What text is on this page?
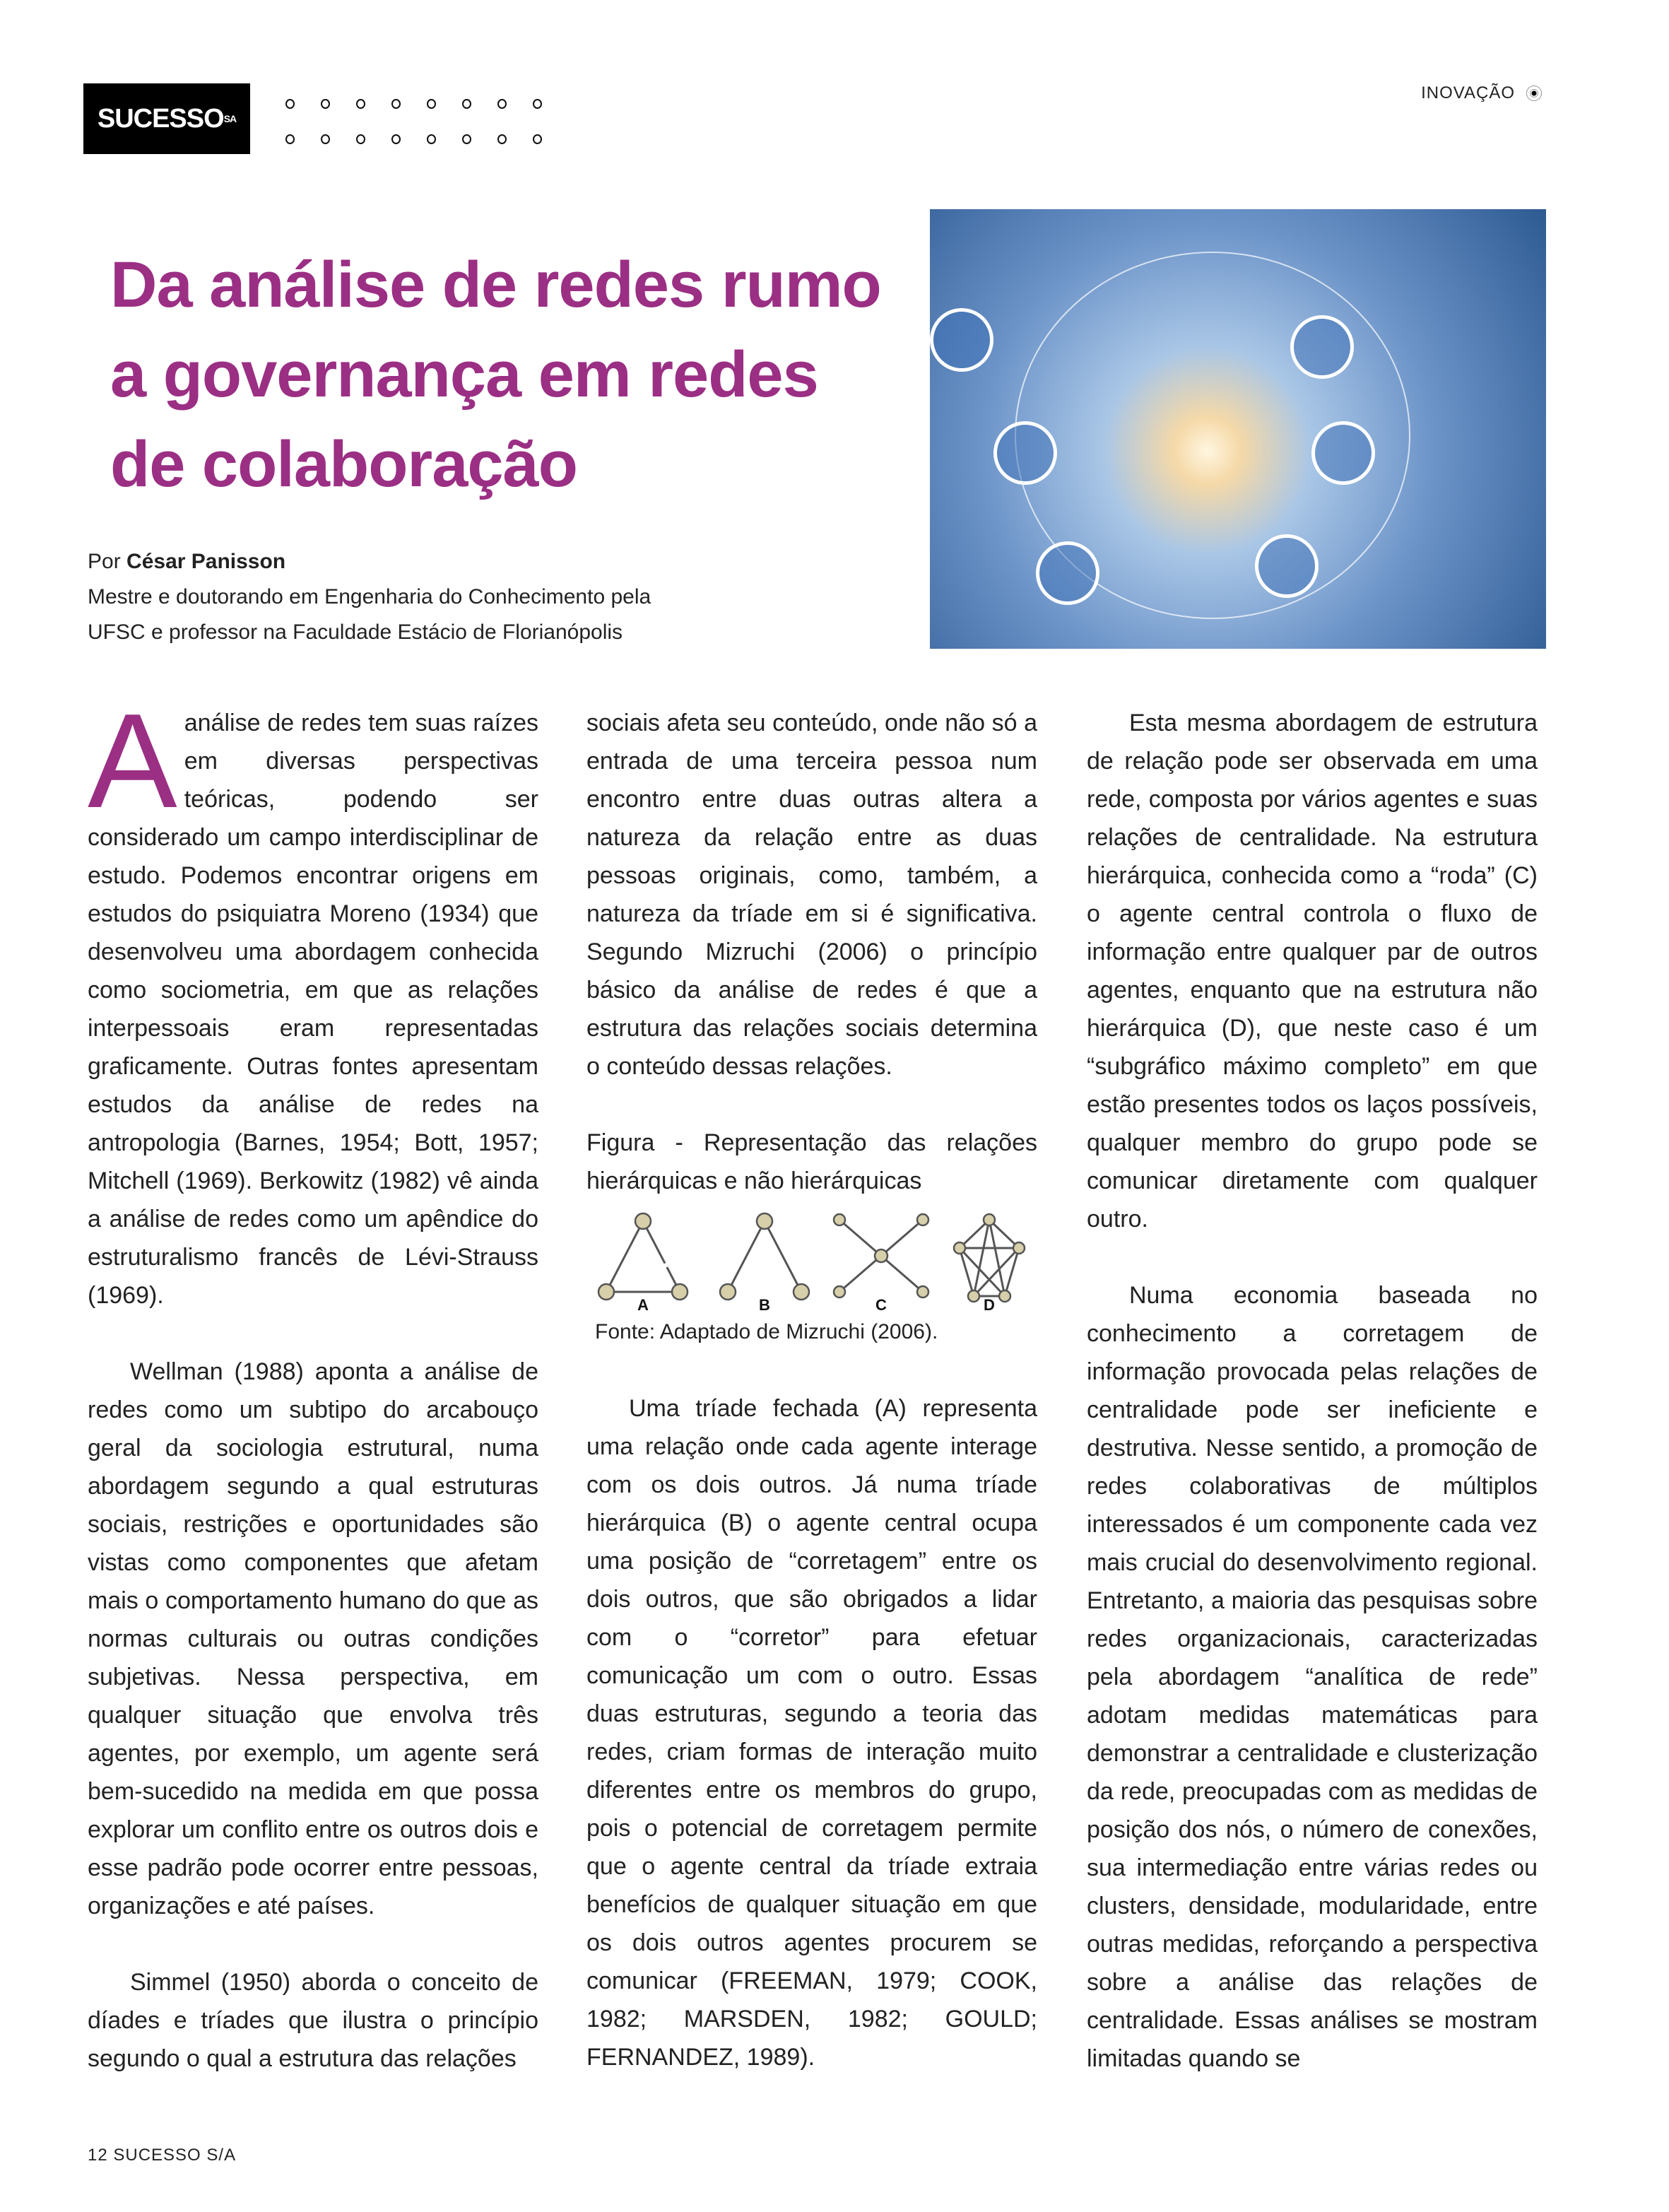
SUCESSO SA
INOVAÇÃO
Da análise de redes rumo a governança em redes de colaboração
Por César Panisson
Mestre e doutorando em Engenharia do Conhecimento pela
UFSC e professor na Faculdade Estácio de Florianópolis

Aanálise de redes tem suas raízes em diversas perspectivas teóricas, podendo ser considerado um campo interdisciplinar de estudo. Podemos encontrar origens em estudos do psiquiatra Moreno (1934) que desenvolveu uma abordagem conhecida como sociometria, em que as relações interpessoais eram representadas graficamente. Outras fontes apresentam estudos da análise de redes na antropologia (Barnes, 1954; Bott, 1957; Mitchell (1969). Berkowitz (1982) vê ainda a análise de redes como um apêndice do estruturalismo francês de Lévi-Strauss (1969).

Wellman (1988) aponta a análise de redes como um subtipo do arcabouço geral da sociologia estrutural, numa abordagem segundo a qual estruturas sociais, restrições e oportunidades são vistas como componentes que afetam mais o comportamento humano do que as normas culturais ou outras condições subjetivas. Nessa perspectiva, em qualquer situação que envolva três agentes, por exemplo, um agente será bem-sucedido na medida em que possa explorar um conflito entre os outros dois e esse padrão pode ocorrer entre pessoas, organizações e até países.

Simmel (1950) aborda o conceito de díades e tríades que ilustra o princípio segundo o qual a estrutura das relações

sociais afeta seu conteúdo, onde não só a entrada de uma terceira pessoa num encontro entre duas outras altera a natureza da relação entre as duas pessoas originais, como, também, a natureza da tríade em si é significativa. Segundo Mizruchi (2006) o princípio básico da análise de redes é que a estrutura das relações sociais determina o conteúdo dessas relações.

Figura - Representação das relações hierárquicas e não hierárquicas
A	B	C	D
Fonte: Adaptado de Mizruchi (2006).

Uma tríade fechada (A) representa uma relação onde cada agente interage com os dois outros. Já numa tríade hierárquica (B) o agente central ocupa uma posição de “corretagem” entre os dois outros, que são obrigados a lidar com o “corretor” para efetuar comunicação um com o outro. Essas duas estruturas, segundo a teoria das redes, criam formas de interação muito diferentes entre os membros do grupo, pois o potencial de corretagem permite que o agente central da tríade extraia benefícios de qualquer situação em que os dois outros agentes procurem se comunicar (FREEMAN, 1979; COOK, 1982; MARSDEN, 1982; GOULD; FERNANDEZ, 1989).

Esta mesma abordagem de estrutura de relação pode ser observada em uma rede, composta por vários agentes e suas relações de centralidade. Na estrutura hierárquica, conhecida como a “roda” (C) o agente central controla o fluxo de informação entre qualquer par de outros agentes, enquanto que na estrutura não hierárquica (D), que neste caso é um “subgráfico máximo completo” em que estão presentes todos os laços possíveis, qualquer membro do grupo pode se comunicar diretamente com qualquer outro.

Numa economia baseada no conhecimento a corretagem de informação provocada pelas relações de centralidade pode ser ineficiente e destrutiva. Nesse sentido, a promoção de redes colaborativas de múltiplos interessados é um componente cada vez mais crucial do desenvolvimento regional. Entretanto, a maioria das pesquisas sobre redes organizacionais, caracterizadas pela abordagem “analítica de rede” adotam medidas matemáticas para demonstrar a centralidade e clusterização da rede, preocupadas com as medidas de posição dos nós, o número de conexões, sua intermediação entre várias redes ou clusters, densidade, modularidade, entre outras medidas, reforçando a perspectiva sobre a análise das relações de centralidade. Essas análises se mostram limitadas quando se

12 SUCESSO S/A
